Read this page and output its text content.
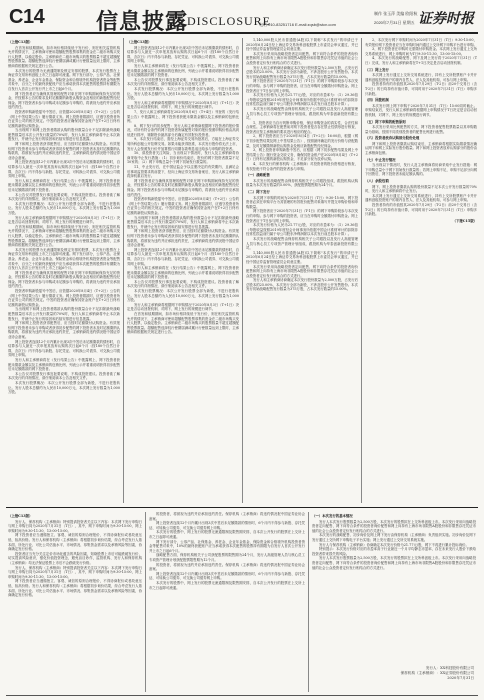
C14 信息披露
DISCLOSURE
电话:010-83251716 E-mail:zqsb@stcn.com
制作 张玉萍 美编 欧阳秋
2020年7月31日 星期五 证券时报

（上接C13版）

在首发和续期期间，如市场价格持续低于发行价，则在相关监管机构允许的情况下，主承销商可使用超额配售股票募集的资金在二级市场购买发行人股票，以稳定股价。主承销商在二级市场购买的股票数量不超过超额配售股票数量。超额配售选择权行使期届满或累计行使数量达到上限时，主承销商将根据相关规定进行公告。

本次发行的股票为无流通限制及锁定安排的股票，本次发行股票在上海证券交易所科创板上市之日起即可流通。网下发行部分，公募产品、社保基金、养老金、企业年金基金、保险资金和合格境外机构投资者资金等配售对象中，百分之十的最终获配账户应当承诺获得本次配售的股票持有期限为自发行人首次公开发行并上市之日起6个月。

网下投资者应当确保其管理的配售对象在网下申购期间保持充足的资金，并按照本公告的要求及时足额缴纳新股认购资金及相应的新股配售经纪佣金。网下投资者未参与申购或未足额参与申购的，将被视为违约并应承担违约责任。

投资者申购新股摇号中签后，应依据2020年8月4日（T+2日）公告的《网上中签结果公告》履行缴款义务。网上投资者缴款时，应遵守投资者所在证券公司的相关规定。中签的投资者应确保其资金账户在T+2日日终有足额的新股认购资金。

当出现网下和网上投资者缴款认购的股份数量合计不足扣除最终战略配售数量后本次公开发行数量的70%时，发行人和主承销商将中止本次新股发行，并就中止发行的原因和后续安排进行信息披露。

网下和网上投资者获得配售后，应当按时足额缴付认购资金。有效报价网下投资者未参与申购或者获得初步配售的网下投资者未及时足额缴纳认购款的，将被视为违约并应承担违约责任，主承销商将违约情况报中国证券业协会备案。

网上投资者连续12个月内累计出现3次中签后未足额缴款的情形时，自结算参与人最近一次申报其放弃认购的次日起6个月（按180个自然日计算，含次日）内不得参与新股、存托凭证、可转换公司债券、可交换公司债券网上申购。

发行人和主承销商将在《发行结果公告》中披露网上、网下投资者获配未缴款金额以及主承销商的包销比例，列表公示并着重说明获得初步配售后未足额缴款的网下投资者。

本公告仅对股票发行事宜扼要说明，不构成投资建议。投资者欲了解本次发行的详细情况，请仔细阅读本公告及相关文件。

本次发行股票概况：本次公开发行股票全部为新股，不进行老股转让。发行人股本总额约为人民币10,000万元，本次网上发行数量为1,000万股。

发行人和主承销商将根据网下申购情况于2020年8月3日（T+1日）决定是否启动回拨机制，对网下、网上发行的规模进行调节。

在首发和续期期间，如市场价格持续低于发行价，则在相关监管机构允许的情况下，主承销商可使用超额配售股票募集的资金在二级市场购买发行人股票，以稳定股价。主承销商在二级市场购买的股票数量不超过超额配售股票数量。超额配售选择权行使期届满或累计行使数量达到上限时，主承销商将根据相关规定进行公告。

本次发行的股票为无流通限制及锁定安排的股票，本次发行股票在上海证券交易所科创板上市之日起即可流通。网下发行部分，公募产品、社保基金、养老金、企业年金基金、保险资金和合格境外机构投资者资金等配售对象中，百分之十的最终获配账户应当承诺获得本次配售的股票持有期限为自发行人首次公开发行并上市之日起6个月。

网下投资者应当确保其管理的配售对象在网下申购期间保持充足的资金，并按照本公告的要求及时足额缴纳新股认购资金及相应的新股配售经纪佣金。网下投资者未参与申购或未足额参与申购的，将被视为违约并应承担违约责任。

投资者申购新股摇号中签后，应依据2020年8月4日（T+2日）公告的《网上中签结果公告》履行缴款义务。网上投资者缴款时，应遵守投资者所在证券公司的相关规定。中签的投资者应确保其资金账户在T+2日日终有足额的新股认购资金。

当出现网下和网上投资者缴款认购的股份数量合计不足扣除最终战略配售数量后本次公开发行数量的70%时，发行人和主承销商将中止本次新股发行，并就中止发行的原因和后续安排进行信息披露。

网下和网上投资者获得配售后，应当按时足额缴付认购资金。有效报价网下投资者未参与申购或者获得初步配售的网下投资者未及时足额缴纳认购款的，将被视为违约并应承担违约责任，主承销商将违约情况报中国证券业协会备案。

网上投资者连续12个月内累计出现3次中签后未足额缴款的情形时，自结算参与人最近一次申报其放弃认购的次日起6个月（按180个自然日计算，含次日）内不得参与新股、存托凭证、可转换公司债券、可交换公司债券网上申购。

发行人和主承销商将在《发行结果公告》中披露网上、网下投资者获配未缴款金额以及主承销商的包销比例，列表公示并着重说明获得初步配售后未足额缴款的网下投资者。

本公告仅对股票发行事宜扼要说明，不构成投资建议。投资者欲了解本次发行的详细情况，请仔细阅读本公告及相关文件。

本次发行股票概况：本次公开发行股票全部为新股，不进行老股转让。发行人股本总额约为人民币10,000万元，本次网上发行数量为1,000万股。

（上接C13版）

网上投资者连续12个月内累计出现3次中签后未足额缴款的情形时，自结算参与人最近一次申报其放弃认购的次日起6个月（按180个自然日计算，含次日）内不得参与新股、存托凭证、可转换公司债券、可交换公司债券网上申购。

发行人和主承销商将在《发行结果公告》中披露网上、网下投资者获配未缴款金额以及主承销商的包销比例，列表公示并着重说明获得初步配售后未足额缴款的网下投资者。

本公告仅对股票发行事宜扼要说明，不构成投资建议。投资者欲了解本次发行的详细情况，请仔细阅读本公告及相关文件。

本次发行股票概况：本次公开发行股票全部为新股，不进行老股转让。发行人股本总额约为人民币10,000万元，本次网上发行数量为1,000万股。

发行人和主承销商将根据网下申购情况于2020年8月3日（T+1日）决定是否启动回拨机制，对网下、网上发行的规模进行调节。

7、发行人和主承销商将在2020年8月6日（T+4日）刊登的《发行结果公告》中披露网上、网下投资者获配未缴款金额以及主承销商的包销比例。

8、网下发行的初步配售：发行人和主承销商根据网下投资者的报价情况，对所有符合条件的网下投资者所属配售对象的报价按照申购价格由高到低进行排序，剔除报价最高部分后确定有效报价投资者。

9、本次发行结束后，需经上海证券交易所批准后，方能在上海证券交易所科创板公开挂牌交易。如果未能获得批准，本次发行股份将无法上市，发行人会按照发行价并加算银行同期存款利息返还给参与申购的投资者。

10、请投资者关注风险，当出现以下情况时，发行人及主承销商将协商采取中止发行措施：（1）初步询价结束后，报价的网下投资者数量不足10家的；（2）网下申购总量小于网下初始发行数量的。

11、中止发行后，在中国证监会予以注册决定的有效期内，且满足会后事项监管要求的前提下，经向上海证券交易所备案后，发行人和主承销商将择机重启发行。

网下投资者应当确保其管理的配售对象在网下申购期间保持充足的资金，并按照本公告的要求及时足额缴纳新股认购资金及相应的新股配售经纪佣金。网下投资者未参与申购或未足额参与申购的，将被视为违约并应承担违约责任。

投资者申购新股摇号中签后，应依据2020年8月4日（T+2日）公告的《网上中签结果公告》履行缴款义务。网上投资者缴款时，应遵守投资者所在证券公司的相关规定。中签的投资者应确保其资金账户在T+2日日终有足额的新股认购资金。

当出现网下和网上投资者缴款认购的股份数量合计不足扣除最终战略配售数量后本次公开发行数量的70%时，发行人和主承销商将中止本次新股发行，并就中止发行的原因和后续安排进行信息披露。

网下和网上投资者获得配售后，应当按时足额缴付认购资金。有效报价网下投资者未参与申购或者获得初步配售的网下投资者未及时足额缴纳认购款的，将被视为违约并应承担违约责任，主承销商将违约情况报中国证券业协会备案。

网上投资者连续12个月内累计出现3次中签后未足额缴款的情形时，自结算参与人最近一次申报其放弃认购的次日起6个月（按180个自然日计算，含次日）内不得参与新股、存托凭证、可转换公司债券、可交换公司债券网上申购。

发行人和主承销商将在《发行结果公告》中披露网上、网下投资者获配未缴款金额以及主承销商的包销比例，列表公示并着重说明获得初步配售后未足额缴款的网下投资者。

本公告仅对股票发行事宜扼要说明，不构成投资建议。投资者欲了解本次发行的详细情况，请仔细阅读本公告及相关文件。

本次发行股票概况：本次公开发行股票全部为新股，不进行老股转让。发行人股本总额约为人民币10,000万元，本次网上发行数量为1,000万股。

发行人和主承销商将根据网下申购情况于2020年8月3日（T+1日）决定是否启动回拨机制，对网下、网上发行的规模进行调节。

在首发和续期期间，如市场价格持续低于发行价，则在相关监管机构允许的情况下，主承销商可使用超额配售股票募集的资金在二级市场购买发行人股票，以稳定股价。主承销商在二级市场购买的股票数量不超过超额配售股票数量。超额配售选择权行使期届满或累计行使数量达到上限时，主承销商将根据相关规定进行公告。

1,140,000股人民币普通股(A股)以下简称"本次发行"的申请已于2020年6月24日经上海证券交易所科创板股票上市委员会审议通过，并已经中国证券监督管理委员会同意注册。

本次发行采用向战略投资者定向配售、网下向符合条件的投资者询价配售和网上向持有上海市场非限售A股股份和非限售存托凭证市值的社会公众投资者定价发行相结合的方式进行。

发行人和主承销商协商确定本次发行股份数量为2,500万股，占发行后总股本的25.00%，本次发行全部为新股，不涉及股东公开发售股份。本次发行初始战略配售发行数量为375万股，占本次发行数量的15.00%。

网下投资者应于2020年7月31日（T-1日）的网下申购阶段参与本次发行的申购。参与网下申购的投资者，应当在申购时全额缴付申购资金。网上投资者应于T日参与网上申购。

本次发行价格为人民币21.77元/股，对应的市盈率为：（1）29.36倍（每股收益按照2019年度经会计师事务所依据中国会计准则审计的扣除非经常性损益前归属于母公司股东净利润除以本次发行前总股本计算）。

本次发行的战略配售由保荐机构相关子公司跟投以及发行人高级管理人员与核心员工专项资产管理计划组成，跟投机构为华泰创新投资有限公司。

1、投资者应当自行判断申购价格，保证申购资金的真实性，合法性和合规性。主承销商将在配售前对网下投资者是否存在禁止性情形进行核查，投资者应按主承销商的要求进行相应的配合。

2、网下投资者应当于2020年8月4日（T+2日）16:00前，根据《网下初步配售结果及网上中签结果公告》，按照最终确定的发行价格与获配数量，及时足额缴纳新股认购资金及相应新股配售经纪佣金。

3、网上投资者申购新股中签后，应根据《网下初步配售结果及网上中签结果公告》履行资金交收义务，确保其资金账户在2020年8月4日（T+2日）日终有足额的新股认购资金，不足部分视为放弃认购。

4、本次发行的保荐机构（主承销商）对投资者的报价资格进行核查，有权拒绝不符合条件的投资者参与申购。

（一）战略配售

本次发行的战略配售由保荐机构相关子公司跟投组成，跟投机构认购数量为本次发行数量的5.00%，获配股票限售期为24个月。

（二）网下发行

本次网下申购的时间为2020年7月31日（T日）9:30-15:00，网下投资者必须在申购平台为其管理的有效报价配售对象填写并提交申购价格和申购数量。

网下投资者应于2020年7月31日（T-1日）的网下申购阶段参与本次发行的申购。参与网下申购的投资者，应当在申购时全额缴付申购资金。网上投资者应于T日参与网上申购。

本次发行价格为人民币21.77元/股，对应的市盈率为：（1）29.36倍（每股收益按照2019年度经会计师事务所依据中国会计准则审计的扣除非经常性损益前归属于母公司股东净利润除以本次发行前总股本计算）。

本次发行的战略配售由保荐机构相关子公司跟投以及发行人高级管理人员与核心员工专项资产管理计划组成，跟投机构为华泰创新投资有限公司。

1,140,000股人民币普通股(A股)以下简称"本次发行"的申请已于2020年6月24日经上海证券交易所科创板股票上市委员会审议通过，并已经中国证券监督管理委员会同意注册。

本次发行采用向战略投资者定向配售、网下向符合条件的投资者询价配售和网上向持有上海市场非限售A股股份和非限售存托凭证市值的社会公众投资者定价发行相结合的方式进行。

发行人和主承销商协商确定本次发行股份数量为2,500万股，占发行后总股本的25.00%，本次发行全部为新股，不涉及股东公开发售股份。本次发行初始战略配售发行数量为375万股，占本次发行数量的15.00%。

2、本次发行网下申购时间为2020年7月31日（T日）9:30-15:00，有效报价网下投资者应当在申购时间内通过上交所网下申购平台进行申购。

3、网下投资者在申购时无需缴付申购资金。本次网上发行通过上交所交易系统进行，网上申购时间为T日9:30-11:30，13:00-15:00。

4、本次发行的战略配售、网下及网上发行将于2020年7月31日（T日）完成，发行人和主承销商将在T+1日决定是否启动回拨机制。

（三）网上发行

本次网上发行通过上交所交易系统进行，持有上交所股票账户卡并开通科创板投资账户的境内自然人、法人及其他机构，可参与网上申购。

投资者持有的市值按其2020年7月29日（T-2日）前20个交易日（含T-2日）的日均持有市值计算，可同时用于2020年7月31日（T日）申购多只新股。

（四）回拨机制

本次发行网上网下申购于2020年7月31日（T日）15:00同时截止。申购结束后，发行人和主承销商将根据网上申购情况于T日决定是否启动回拨机制，对网下、网上发行的规模进行调节。

（五）网下申购的配售原则

本次发行采用比例配售的方式，网下投资者配售股票数量以其申购数量为基础，按照不同类别投资者的配售比例进行配售。

（六）投资者放弃认购部分股份处理

网下和网上投资者缴款认购结束后，主承销商将根据实际缴款情况确认网下和网上实际发行股份数量。网下和网上投资者放弃认购部分的股份由主承销商包销。

（七）中止发行情况

当出现以下情况时，发行人及主承销商将协商采取中止发行措施：网下申购总量小于网下初始发行数量的；若网上申购不足，申购不足部分向网下回拨后，网下投资者未能足额认购的。

（八）余股包销

网下、网上投资者缴款认购的股份数量不足本次公开发行数量的70%时，发行人和主承销商将中止发行。

本次网上发行通过上交所交易系统进行，持有上交所股票账户卡并开通科创板投资账户的境内自然人、法人及其他机构，可参与网上申购。

投资者持有的市值按其2020年7月29日（T-2日）前20个交易日（含T-2日）的日均持有市值计算，可同时用于2020年7月31日（T日）申购多只新股。

（下接C15版）

（上接C13版）

发行人、保荐机构（主承销商）特别提请投资者关注以下内容：本次网下发行申购日与网上申购日同为2020年7月31日（T日），其中，网下申购时间为9:30-15:00，网上申购时间为9:30-11:30，13:00-15:00。

网下投资者应当遵循独立、客观、诚信的原则合理报价，不得协商报价或者故意压低、抬高价格。发行人和保荐机构（主承销商）将根据初步询价结果，综合考虑发行人基本面、所处行业、可比公司估值水平、市场情况、募集资金需求以及承销风险等因素，协商确定发行价格。

投资者应当充分关注定价市场化蕴含的风险因素，知晓股票上市后可能跌破发行价，切实提高风险意识，强化价值投资理念，避免盲目炒作，监管机构、发行人和保荐机构（主承销商）均无法保证股票上市后不会跌破发行价格。

发行人、保荐机构（主承销商）特别提请投资者关注以下内容：本次网下发行申购日与网上申购日同为2020年7月31日（T日），其中，网下申购时间为9:30-15:00，网上申购时间为9:30-11:30，13:00-15:00。

网下投资者应当遵循独立、客观、诚信的原则合理报价，不得协商报价或者故意压低、抬高价格。发行人和保荐机构（主承销商）将根据初步询价结果，综合考虑发行人基本面、所处行业、可比公司估值水平、市场情况、募集资金需求以及承销风险等因素，协商确定发行价格。

的投资者，将被视为违约并应承担违约责任。保荐机构（主承销商）将违约情况报中国证券业协会备案。

网上投资者连续12个月内累计出现3次中签后未足额缴款的情形时，6个月内不得参与新股、存托凭证、可转换公司债券、可交换公司债券网上申购。

本次发行的股票中，网上发行的股票无流通限制及限售期安排，自本次公开发行的股票在上交所上市之日起即可流通。

网下发行部分，公募产品、社保基金、养老金、企业年金基金、保险资金和合格境外机构投资者资金等配售对象中，10%的最终获配账户应当承诺获得本次配售的股票持有期限为自发行人首次公开发行并上市之日起6个月。

战略配售方面，保荐机构相关子公司获配股票的限售期为24个月，发行人高级管理人员与核心员工专项资产管理计划获配股票限售期为12个月。

的投资者，将被视为违约并应承担违约责任。保荐机构（主承销商）将违约情况报中国证券业协会备案。

网上投资者连续12个月内累计出现3次中签后未足额缴款的情形时，6个月内不得参与新股、存托凭证、可转换公司债券、可交换公司债券网上申购。

本次发行的股票中，网上发行的股票无流通限制及限售期安排，自本次公开发行的股票在上交所上市之日起即可流通。

（一）本次发行的基本情况

发行人本次发行股票数量为2,500万股，本次发行的股票拟在上交所科创板上市。本次发行采用向战略投资者定向配售、网下向符合条件的投资者询价配售和网上向持有上海市场非限售A股股份和非限售存托凭证市值的社会公众投资者定价发行相结合的方式进行。

本次发行的战略配售、初步询价及网上网下发行由保荐机构（主承销商）负责组织实施。初步询价及网下发行通过上交所网下申购电子平台实施；网上发行通过上交所交易系统实施。

发行人与保荐机构（主承销商）协商确定本次发行价格为21.77元/股，网下不再进行累计投标询价。

特别提示：本次发行价格对应的市盈率高于行业最近一个月平均静态市盈率，存在未来发行人股价下跌给投资者带来损失的风险。

发行人本次发行股票数量为2,500万股，本次发行的股票拟在上交所科创板上市。本次发行采用向战略投资者定向配售、网下向符合条件的投资者询价配售和网上向持有上海市场非限售A股股份和非限售存托凭证市值的社会公众投资者定价发行相结合的方式进行。

发行人：XX科技股份有限公司
保荐机构（主承销商）：XX证券股份有限公司
2020年7月31日
